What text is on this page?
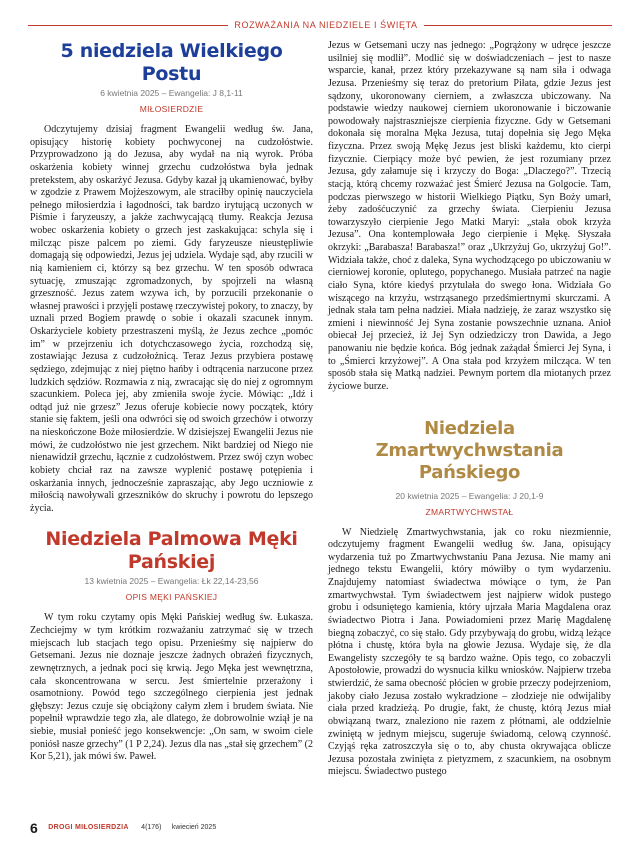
ROZWAŻANIA NA NIEDZIELE I ŚWIĘTA
5 niedziela Wielkiego Postu
6 kwietnia 2025 – Ewangelia: J 8,1-11
MIŁOSIERDZIE

Odczytujemy dzisiaj fragment Ewangelii według św. Jana, opisujący historię kobiety pochwyconej na cudzołóstwie. Przyprowadzono ją do Jezusa, aby wydał na nią wyrok. Próba oskarżenia kobiety winnej grzechu cudzołóstwa była jednak pretekstem, aby oskarżyć Jezusa. Gdyby kazał ją ukamienować, byłby w zgodzie z Prawem Mojżeszowym, ale straciłby opinię nauczyciela pełnego miłosierdzia i łagodności, tak bardzo irytującą uczonych w Piśmie i faryzeuszy, a jakże zachwycającą tłumy. Reakcja Jezusa wobec oskarżenia kobiety o grzech jest zaskakująca: schyla się i milcząc pisze palcem po ziemi. Gdy faryzeusze nieustępliwie domagają się odpowiedzi, Jezus jej udziela. Wydaje sąd, aby rzucili w nią kamieniem ci, którzy są bez grzechu. W ten sposób odwraca sytuację, zmuszając zgromadzonych, by spojrzeli na własną grzeszność. Jezus zatem wzywa ich, by porzucili przekonanie o własnej prawości i przyjęli postawę rzeczywistej pokory, to znaczy, by uznali przed Bogiem prawdę o sobie i okazali szacunek innym. Oskarżyciele kobiety przestraszeni myślą, że Jezus zechce „pomóc im” w przejrzeniu ich dotychczasowego życia, rozchodzą się, zostawiając Jezusa z cudzołożnicą. Teraz Jezus przybiera postawę sędziego, zdejmując z niej piętno hańby i odtrącenia narzucone przez ludzkich sędziów. Rozmawia z nią, zwracając się do niej z ogromnym szacunkiem. Poleca jej, aby zmieniła swoje życie. Mówiąc: „Idź i odtąd już nie grzesz” Jezus oferuje kobiecie nowy początek, który stanie się faktem, jeśli ona odwróci się od swoich grzechów i otworzy na nieskończone Boże miłosierdzie. W dzisiejszej Ewangelii Jezus nie mówi, że cudzołóstwo nie jest grzechem. Nikt bardziej od Niego nie nienawidził grzechu, łącznie z cudzołóstwem. Przez swój czyn wobec kobiety chciał raz na zawsze wyplenić postawę potępienia i oskarżania innych, jednocześnie zapraszając, aby Jego uczniowie z miłością nawoływali grzeszników do skruchy i powrotu do lepszego życia.

Niedziela Palmowa Męki Pańskiej
13 kwietnia 2025 – Ewangelia: Łk 22,14-23,56
OPIS MĘKI PAŃSKIEJ

W tym roku czytamy opis Męki Pańskiej według św. Łukasza. Zechciejmy w tym krótkim rozważaniu zatrzymać się w trzech miejscach lub stacjach tego opisu. Przenieśmy się najpierw do Getsemani. Jezus nie doznaje jeszcze żadnych obrażeń fizycznych, zewnętrznych, a jednak poci się krwią. Jego Męka jest wewnętrzna, cała skoncentrowana w sercu. Jest śmiertelnie przerażony i osamotniony. Powód tego szczególnego cierpienia jest jednak głębszy: Jezus czuje się obciążony całym złem i brudem świata. Nie popełnił wprawdzie tego zła, ale dlatego, że dobrowolnie wziął je na siebie, musiał ponieść jego konsekwencje: „On sam, w swoim ciele poniósł nasze grzechy” (1 P 2,24). Jezus dla nas „stał się grzechem” (2 Kor 5,21), jak mówi św. Paweł.

Jezus w Getsemani uczy nas jednego: „Pogrążony w udręce jeszcze usilniej się modlił”. Modlić się w doświadczeniach – jest to nasze wsparcie, kanał, przez który przekazywane są nam siła i odwaga Jezusa. Przenieśmy się teraz do pretorium Piłata, gdzie Jezus jest sądzony, ukoronowany cierniem, a zwłaszcza ubiczowany. Na podstawie wiedzy naukowej cierniem ukoronowanie i biczowanie powodowały najstraszniejsze cierpienia fizyczne. Gdy w Getsemani dokonała się moralna Męka Jezusa, tutaj dopełnia się Jego Męka fizyczna. Przez swoją Mękę Jezus jest bliski każdemu, kto cierpi fizycznie. Cierpiący może być pewien, że jest rozumiany przez Jezusa, gdy załamuje się i krzyczy do Boga: „Dlaczego?”. Trzecią stacją, którą chcemy rozważać jest Śmierć Jezusa na Golgocie. Tam, podczas pierwszego w historii Wielkiego Piątku, Syn Boży umarł, żeby zadośćuczynić za grzechy świata. Cierpieniu Jezusa towarzyszyło cierpienie Jego Matki Maryi: „stała obok krzyża Jezusa”. Ona kontemplowała Jego cierpienie i Mękę. Słyszała okrzyki: „Barabasza! Barabasza!” oraz „Ukrzyżuj Go, ukrzyżuj Go!”. Widziała także, choć z daleka, Syna wychodzącego po ubiczowaniu w cierniowej koronie, oplutego, popychanego. Musiała patrzeć na nagie ciało Syna, które kiedyś przytulała do swego łona. Widziała Go wiszącego na krzyżu, wstrząsanego przedśmiertnymi skurczami. A jednak stała tam pełna nadziei. Miała nadzieję, że zaraz wszystko się zmieni i niewinność Jej Syna zostanie powszechnie uznana. Anioł obiecał Jej przecież, iż Jej Syn odziedziczy tron Dawida, a Jego panowaniu nie będzie końca. Bóg jednak zażądał Śmierci Jej Syna, i to „Śmierci krzyżowej”. A Ona stała pod krzyżem milcząca. W ten sposób stała się Matką nadziei. Pewnym portem dla miotanych przez życiowe burze.

Niedziela Zmartwychwstania Pańskiego
20 kwietnia 2025 – Ewangelia: J 20,1-9
ZMARTWYCHWSTAŁ

W Niedzielę Zmartwychwstania, jak co roku niezmiennie, odczytujemy fragment Ewangelii według św. Jana, opisujący wydarzenia tuż po Zmartwychwstaniu Pana Jezusa. Nie mamy ani jednego tekstu Ewangelii, który mówiłby o tym wydarzeniu. Znajdujemy natomiast świadectwa mówiące o tym, że Pan zmartwychwstał. Tym świadectwem jest najpierw widok pustego grobu i odsuniętego kamienia, który ujrzała Maria Magdalena oraz świadectwo Piotra i Jana. Powiadomieni przez Marię Magdalenę biegną zobaczyć, co się stało. Gdy przybywają do grobu, widzą leżące płótna i chustę, która była na głowie Jezusa. Wydaje się, że dla Ewangelisty szczegóły te są bardzo ważne. Opis tego, co zobaczyli Apostołowie, prowadzi do wysnucia kilku wniosków. Najpierw trzeba stwierdzić, że sama obecność płócien w grobie przeczy podejrzeniom, jakoby ciało Jezusa zostało wykradzione – złodzieje nie odwijaliby ciała przed kradzieżą. Po drugie, fakt, że chustę, którą Jezus miał obwiązaną twarz, znaleziono nie razem z płótnami, ale oddzielnie zwiniętą w jednym miejscu, sugeruje świadomą, celową czynność. Czyjąś ręka zatroszczyła się o to, aby chusta okrywająca oblicze Jezusa pozostała zwinięta z pietyzmem, z szacunkiem, na osobnym miejscu. Świadectwo pustego

6 DROGI MIŁOSIERDZIA 4(176) kwiecień 2025
